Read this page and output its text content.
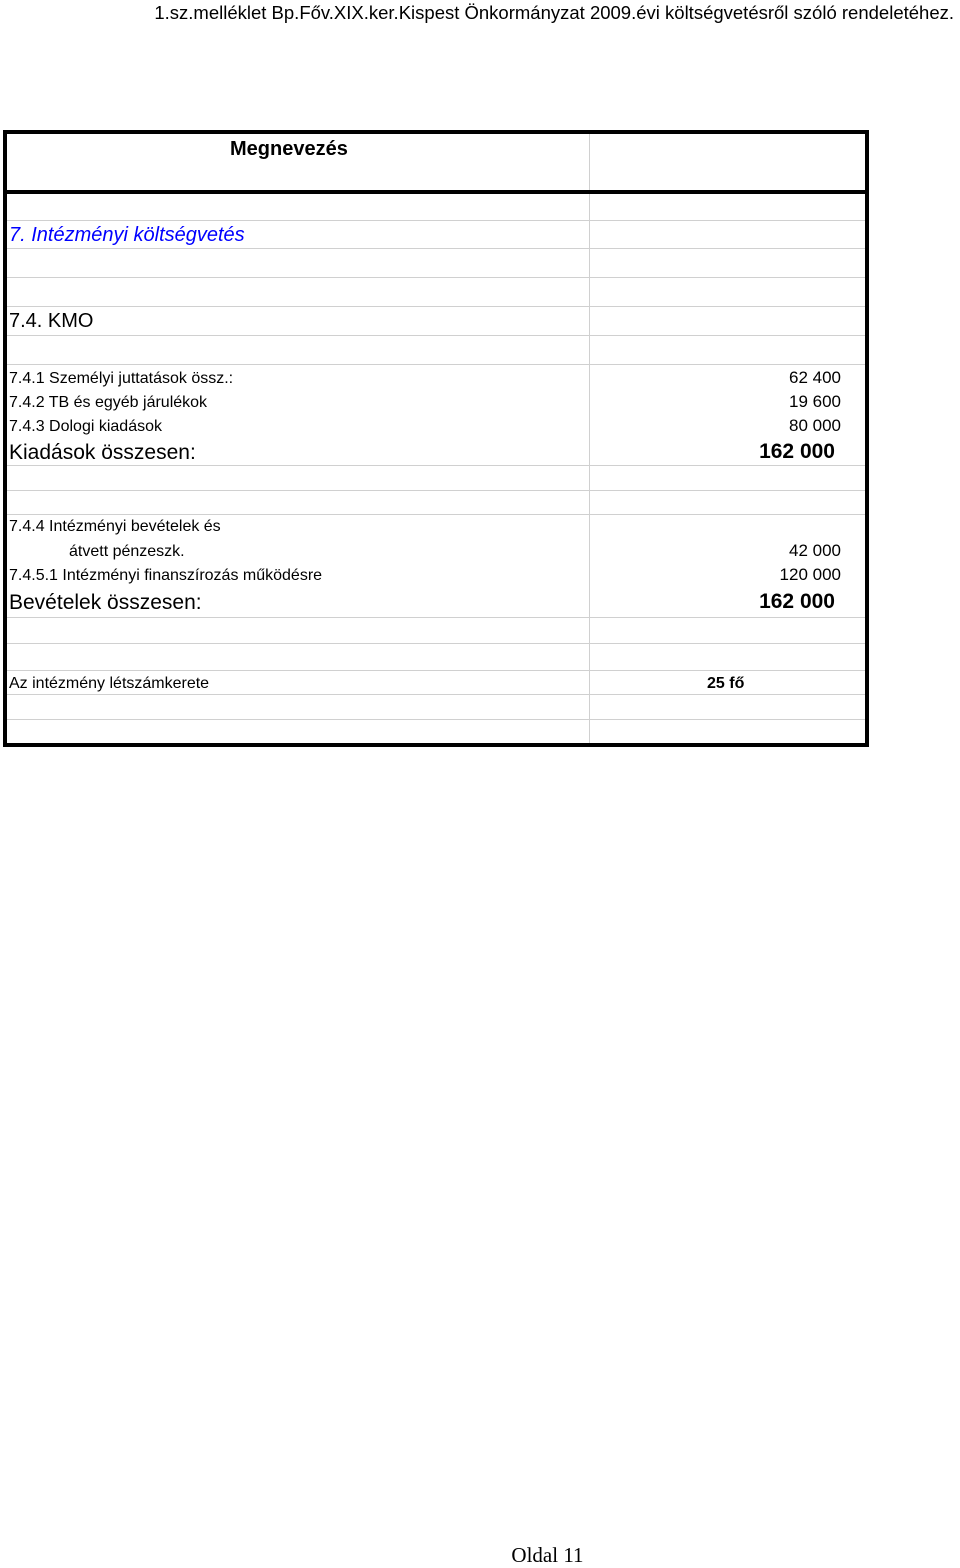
1.sz.melléklet Bp.Főv.XIX.ker.Kispest Önkormányzat 2009.évi költségvetésről szóló rendeletéhez.
Megnevezés
7. Intézményi költségvetés
7.4. KMO
7.4.1 Személyi juttatások össz.:	62 400
7.4.2 TB és egyéb járulékok	19 600
7.4.3 Dologi kiadások	80 000
Kiadások összesen:	162 000
7.4.4 Intézményi bevételek és
átvett pénzeszk.	42 000
7.4.5.1 Intézményi finanszírozás működésre	120 000
Bevételek összesen:	162 000
Az intézmény létszámkerete	25 fő
Oldal 11
